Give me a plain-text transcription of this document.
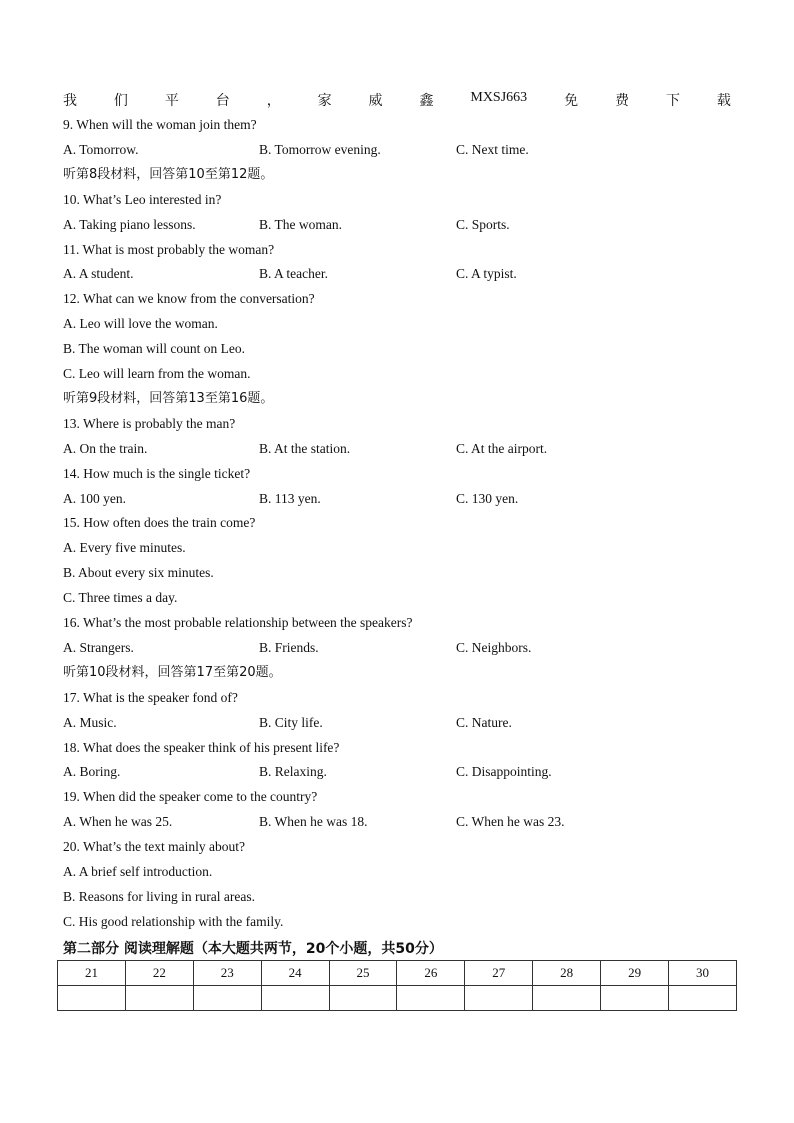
我	们	平	台	，	家	威	鑫	MXSJ663	免	费	下	载
9. When will the woman join them?
A. Tomorrow.	B. Tomorrow evening.	C. Next time.
听第8段材料，回答第10至第12题。
10. What’s Leo interested in?
A. Taking piano lessons.	B. The woman.	C. Sports.
11. What is most probably the woman?
A. A student.	B. A teacher.	C. A typist.
12. What can we know from the conversation?
A. Leo will love the woman.
B. The woman will count on Leo.
C. Leo will learn from the woman.
听第9段材料，回答第13至第16题。
13. Where is probably the man?
A. On the train.	B. At the station.	C. At the airport.
14. How much is the single ticket?
A. 100 yen.	B. 113 yen.	C. 130 yen.
15. How often does the train come?
A. Every five minutes.
B. About every six minutes.
C. Three times a day.
16. What’s the most probable relationship between the speakers?
A. Strangers.	B. Friends.	C. Neighbors.
听第10段材料，回答第17至第20题。
17. What is the speaker fond of?
A. Music.	B. City life.	C. Nature.
18. What does the speaker think of his present life?
A. Boring.	B. Relaxing.	C. Disappointing.
19. When did the speaker come to the country?
A. When he was 25.	B. When he was 18.	C. When he was 23.
20. What’s the text mainly about?
A. A brief self introduction.
B. Reasons for living in rural areas.
C. His good relationship with the family.
第二部分 阅读理解题（本大题共两节，20个小题，共50分）
21	22	23	24	25	26	27	28	29	30
